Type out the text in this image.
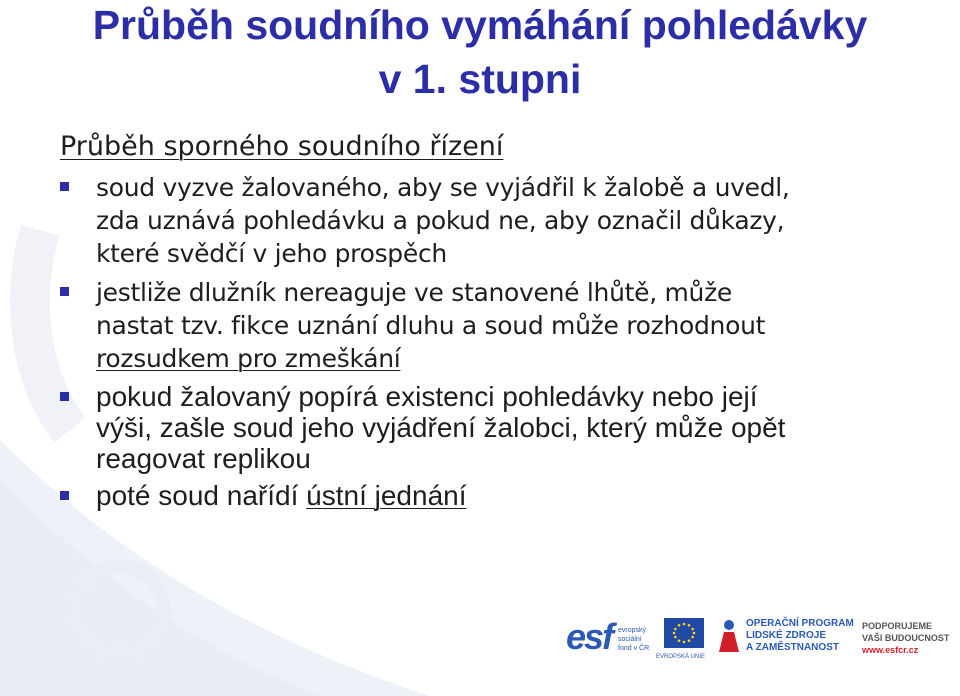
Průběh soudního vymáhání pohledávky
v 1. stupni
Průběh sporného soudního řízení
soud vyzve žalovaného, aby se vyjádřil k žalobě a uvedl,
zda uznává pohledávku a pokud ne, aby označil důkazy,
které svědčí v jeho prospěch
jestliže dlužník nereaguje ve stanovené lhůtě, může
nastat tzv. fikce uznání dluhu a soud může rozhodnout
rozsudkem pro zmeškání
pokud žalovaný popírá existenci pohledávky nebo její
výši, zašle soud jeho vyjádření žalobci, který může opět
reagovat replikou
poté soud nařídí ústní jednání
esf evropský
sociální
fond v ČR
EVROPSKÁ UNIE
OPERAČNÍ PROGRAM
LIDSKÉ ZDROJE
A ZAMĚSTNANOST
PODPORUJEME
VAŠI BUDOUCNOST
www.esfcr.cz
